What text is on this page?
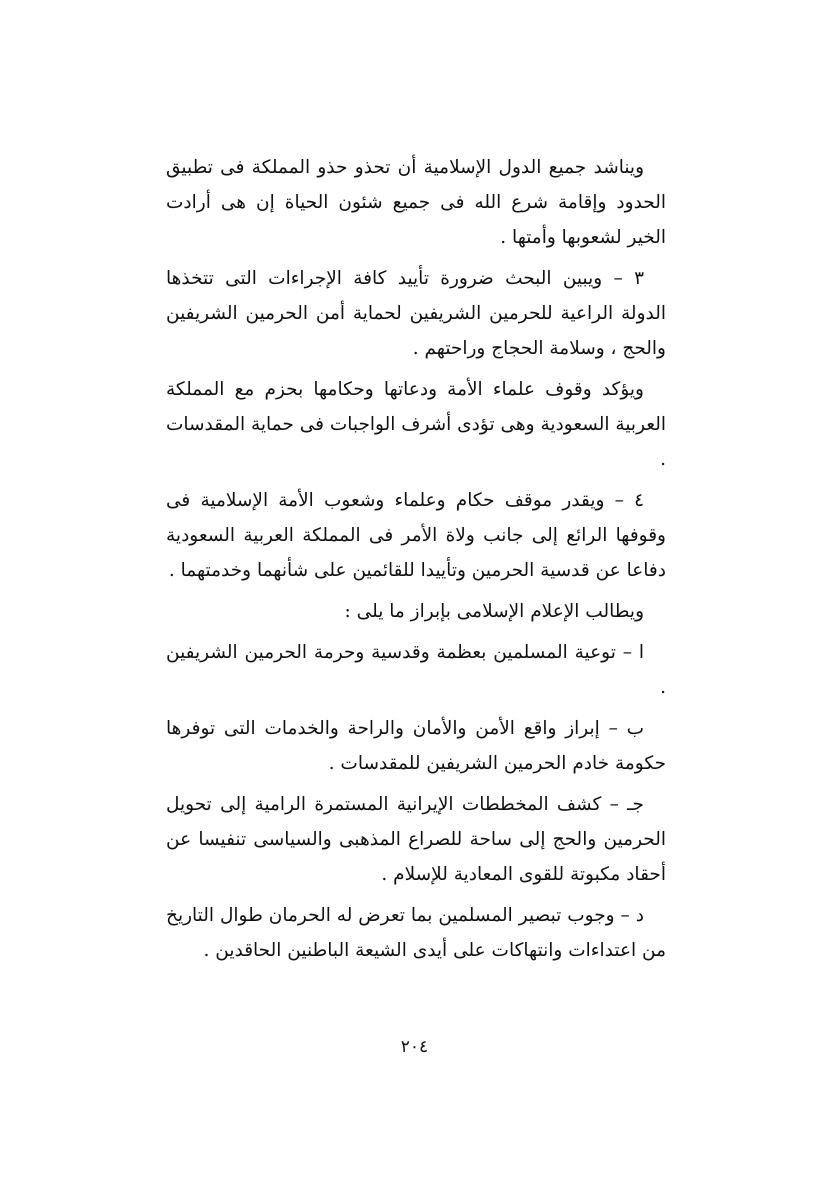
ويناشد جميع الدول الإسلامية أن تحذو حذو المملكة فى تطبيق الحدود وإقامة شرع الله فى جميع شئون الحياة إن هى أرادت الخير لشعوبها وأمتها .

٣ – ويبين البحث ضرورة تأييد كافة الإجراءات التى تتخذها الدولة الراعية للحرمين الشريفين لحماية أمن الحرمين الشريفين والحج ، وسلامة الحجاج وراحتهم .

ويؤكد وقوف علماء الأمة ودعاتها وحكامها بحزم مع المملكة العربية السعودية وهى تؤدى أشرف الواجبات فى حماية المقدسات .

٤ – ويقدر موقف حكام وعلماء وشعوب الأمة الإسلامية فى وقوفها الرائع إلى جانب ولاة الأمر فى المملكة العربية السعودية دفاعا عن قدسية الحرمين وتأييدا للقائمين على شأنهما وخدمتهما .

ويطالب الإعلام الإسلامى بإبراز ما يلى :

ا – توعية المسلمين بعظمة وقدسية وحرمة الحرمين الشريفين .

ب – إبراز واقع الأمن والأمان والراحة والخدمات التى توفرها حكومة خادم الحرمين الشريفين للمقدسات .

جـ – كشف المخططات الإيرانية المستمرة الرامية إلى تحويل الحرمين والحج إلى ساحة للصراع المذهبى والسياسى تنفيسا عن أحقاد مكبوتة للقوى المعادية للإسلام .

د – وجوب تبصير المسلمين بما تعرض له الحرمان طوال التاريخ من اعتداءات وانتهاكات على أيدى الشيعة الباطنين الحاقدين .

٢٠٤
